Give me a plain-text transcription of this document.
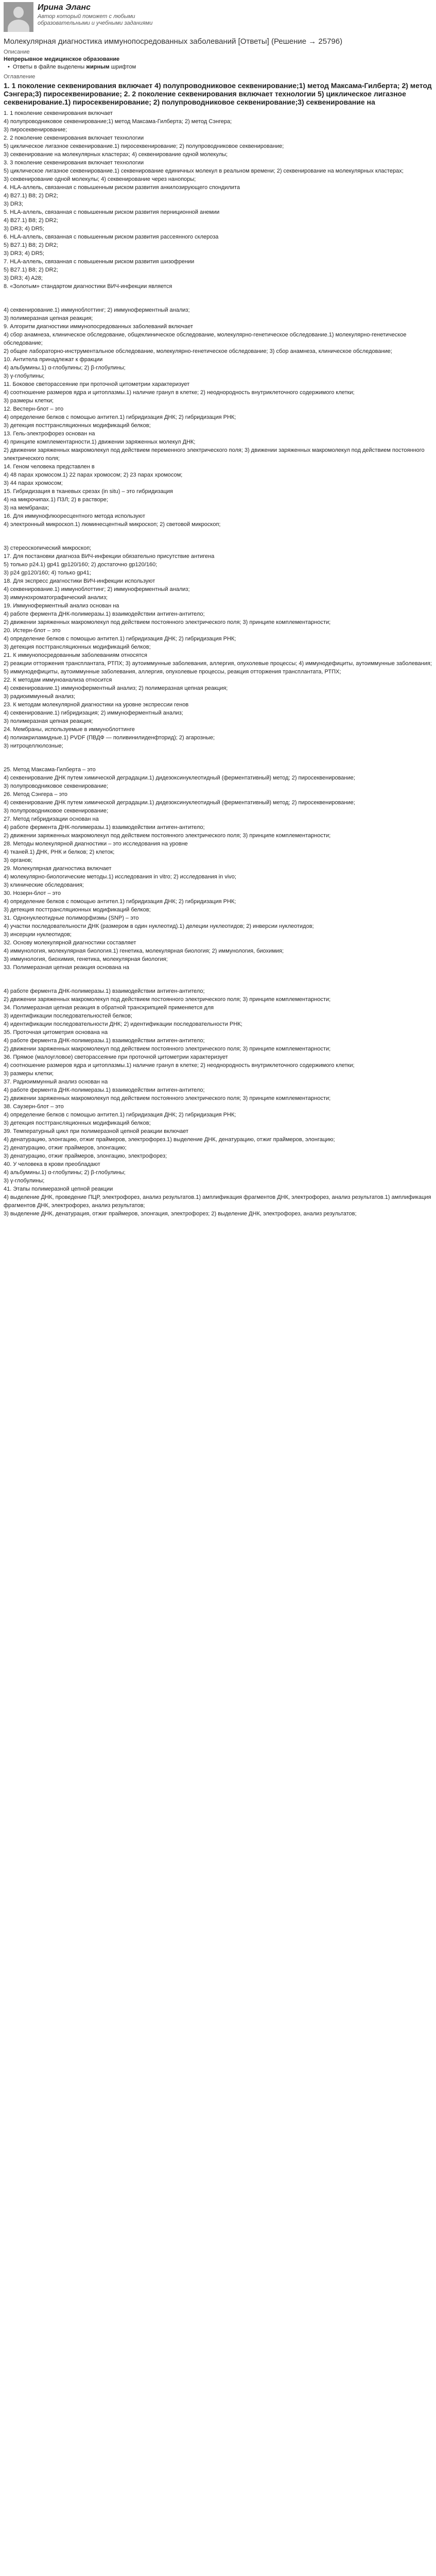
Ирина Эланс
Автор который поможет с любыми образовательными и учебными заданиями
Молекулярная диагностика иммунопосредованных заболеваний [Ответы] (Решение → 25796)
Описание
Непрерывное медицинское образование
• Ответы в файле выделены жирным шрифтом
Оглавление
1. 1 поколение секвенирования включает 4) полупроводниковое секвенирование;1) метод Максама-Гилберта; 2) метод Сэнгера;3) пиросеквенирование; 2. 2 поколение секвенирования включает технологии 5) циклическое лигазное секвенирование.1) пиросеквенирование; 2) полупроводниковое секвенирование;3) секвенирование на
1. 1 поколение секвенирования включает
4) полупроводниковое секвенирование;1) метод Максама-Гилберта; 2) метод Сэнгера;
3) пиросеквенирование;
2. 2 поколение секвенирования включает технологии
5) циклическое лигазное секвенирование.1) пиросеквенирование; 2) полупроводниковое секвенирование;
3) секвенирование на молекулярных кластерах; 4) секвенирование одной молекулы;
3. 3 поколение секвенирования включает технологии
5) циклическое лигазное секвенирование.1) секвенирование единичных молекул в реальном времени; 2) секвенирование на молекулярных кластерах;
3) секвенирование одной молекулы; 4) секвенирование через нанопоры;
4. HLA-аллель, связанная с повышенным риском развития анкилозирующего спондилита
4) B27.1) B8; 2) DR2;
3) DR3;
5. HLA-аллель, связанная с повышенным риском развития перниционной анемии
4) B27.1) B8; 2) DR2;
3) DR3; 4) DR5;
6. HLA-аллель, связанная с повышенным риском развития рассеянного склероза
5) B27.1) B8; 2) DR2;
3) DR3; 4) DR5;
7. HLA-аллель, связанная с повышенным риском развития шизофрении
5) B27.1) B8; 2) DR2;
3) DR3; 4) A28;
8. «Золотым» стандартом диагностики ВИЧ-инфекции является
4) секвенирование.1) иммуноблоттинг; 2) иммуноферментный анализ;
3) полимеразная цепная реакция;
9. Алгоритм диагностики иммунопосредованных заболеваний включает
4) сбор анамнеза, клиническое обследование, общеклиническое обследование, молекулярно-генетическое обследование.1) молекулярно-генетическое обследование;
2) общее лабораторно-инструментальное обследование, молекулярно-генетическое обследование; 3) сбор анамнеза, клиническое обследование;
10. Антитела принадлежат к фракции
4) альбумины.1) α-глобулины; 2) β-глобулины;
3) γ-глобулины;
11. Боковое светорассеяние при проточной цитометрии характеризует
4) соотношение размеров ядра и цитоплазмы.1) наличие гранул в клетке; 2) неоднородность внутриклеточного содержимого клетки;
3) размеры клетки;
12. Вестерн-блот – это
4) определение белков с помощью антител.1) гибридизация ДНК; 2) гибридизация РНК;
3) детекция посттрансляционных модификаций белков;
13. Гель-электрофорез основан на
4) принципе комплементарности.1) движении заряженных молекул ДНК;
2) движении заряженных макромолекул под действием переменного электрического поля; 3) движении заряженных макромолекул под действием постоянного электрического поля;
14. Геном человека представлен в
4) 48 парах хромосом.1) 22 парах хромосом; 2) 23 парах хромосом;
3) 44 парах хромосом;
15. Гибридизация в тканевых срезах (in situ) – это гибридизация
4) на микрочипах.1) П3Л; 2) в растворе;
3) на мембранах;
16. Для иммунофлюоресцентного метода используют
4) электронный микроскоп.1) люминесцентный микроскоп; 2) световой микроскоп;
3) стереоскопический микроскоп;
17. Для постановки диагноза ВИЧ-инфекции обязательно присутствие антигена
5) только p24.1) gp41 gp120/160; 2) достаточно gp120/160;
3) p24 gp120/160; 4) только gp41;
18. Для экспресс диагностики ВИЧ-инфекции используют
4) секвенирование.1) иммуноблоттинг; 2) иммуноферментный анализ;
3) иммунохроматографический анализ;
19. Иммуноферментный анализ основан на
4) работе фермента ДНК-полимеразы.1) взаимодействии антиген-антитело;
2) движении заряженных макромолекул под действием постоянного электрического поля; 3) принципе комплементарности;
20. Истерн-блот – это
4) определение белков с помощью антител.1) гибридизация ДНК; 2) гибридизация РНК;
3) детекция посттрансляционных модификаций белков;
21. К иммунопосредованным заболеваниям относятся
2) реакции отторжения трансплантата, РТПХ; 3) аутоиммунные заболевания, аллергия, опухолевые процессы; 4) иммунодефициты, аутоиммунные заболевания;
5) иммунодефициты, аутоиммунные заболевания, аллергия, опухолевые процессы, реакция отторжения трансплантата, РТПХ;
22. К методам иммуноанализа относится
4) секвенирование.1) иммуноферментный анализ; 2) полимеразная цепная реакция;
3) радиоиммунный анализ;
23. К методам молекулярной диагностики на уровне экспрессии генов
4) секвенирование.1) гибридизация; 2) иммуноферментный анализ;
3) полимеразная цепная реакция;
24. Мембраны, используемые в иммуноблоттинге
4) полиакриламидные.1) PVDF (ПВДФ — поливинилиденфторид); 2) агарозные;
3) нитроцеллюлозные;
25. Метод Максама-Гилберта – это
4) секвенирование ДНК путем химической деградации.1) дидезоксинуклеотидный (ферментативный) метод; 2) пиросеквенирование;
3) полупроводниковое секвенирование;
26. Метод Сэнгера – это
4) секвенирование ДНК путем химической деградации.1) дидезоксинуклеотидный (ферментативный) метод; 2) пиросеквенирование;
3) полупроводниковое секвенирование;
27. Метод гибридизации основан на
4) работе фермента ДНК-полимеразы.1) взаимодействии антиген-антитело;
2) движении заряженных макромолекул под действием постоянного электрического поля; 3) принципе комплементарности;
28. Методы молекулярной диагностики – это исследования на уровне
4) тканей.1) ДНК, РНК и белков; 2) клеток;
3) органов;
29. Молекулярная диагностика включает
4) молекулярно-биологические методы.1) исследования in vitro; 2) исследования in vivo;
3) клинические обследования;
30. Нозерн-блот – это
4) определение белков с помощью антител.1) гибридизация ДНК; 2) гибридизация РНК;
3) детекция посттрансляционных модификаций белков;
31. Однонуклеотидные полиморфизмы (SNP) – это
4) участки последовательности ДНК (размером в один нуклеотид).1) делеции нуклеотидов; 2) инверсии нуклеотидов;
3) инсерции нуклеотидов;
32. Основу молекулярной диагностики составляет
4) иммунология, молекулярная биология.1) генетика, молекулярная биология; 2) иммунология, биохимия;
3) иммунология, биохимия, генетика, молекулярная биология;
33. Полимеразная цепная реакция основана на
4) работе фермента ДНК-полимеразы.1) взаимодействии антиген-антитело;
2) движении заряженных макромолекул под действием постоянного электрического поля; 3) принципе комплементарности;
34. Полимеразная цепная реакция в обратной транскрипцией применяется для
3) идентификации последовательностей белков;
4) идентификации последовательности ДНК; 2) идентификации последовательности РНК;
35. Проточная цитометрия основана на
4) работе фермента ДНК-полимеразы.1) взаимодействии антиген-антитело;
2) движении заряженных макромолекул под действием постоянного электрического поля; 3) принципе комплементарности;
36. Прямое (малоугловое) светорассеяние при проточной цитометрии характеризует
4) соотношение размеров ядра и цитоплазмы.1) наличие гранул в клетке; 2) неоднородность внутриклеточного содержимого клетки;
3) размеры клетки;
37. Радиоиммунный анализ основан на
4) работе фермента ДНК-полимеразы.1) взаимодействии антиген-антитело;
2) движении заряженных макромолекул под действием постоянного электрического поля; 3) принципе комплементарности;
38. Саузерн-блот – это
4) определение белков с помощью антител.1) гибридизация ДНК; 2) гибридизация РНК;
3) детекция посттрансляционных модификаций белков;
39. Температурный цикл при полимеразной цепной реакции включает
4) денатурацию, элонгацию, отжиг праймеров, электрофорез.1) выделение ДНК, денатурацию, отжиг праймеров, элонгацию;
2) денатурацию, отжиг праймеров, элонгацию;
3) денатурацию, отжиг праймеров, элонгацию, электрофорез;
40. У человека в крови преобладают
4) альбумины.1) α-глобулины; 2) β-глобулины;
3) γ-глобулины;
41. Этапы полимеразной цепной реакции
4) выделение ДНК, проведение ПЦР, электрофорез, анализ результатов.1) амплификация фрагментов ДНК, электрофорез, анализ результатов.1) амплификация фрагментов ДНК, электрофорез, анализ результатов;
3) выделение ДНК, денатурация, отжиг праймеров, элонгация, электрофорез; 2) выделение ДНК, электрофорез, анализ результатов;
